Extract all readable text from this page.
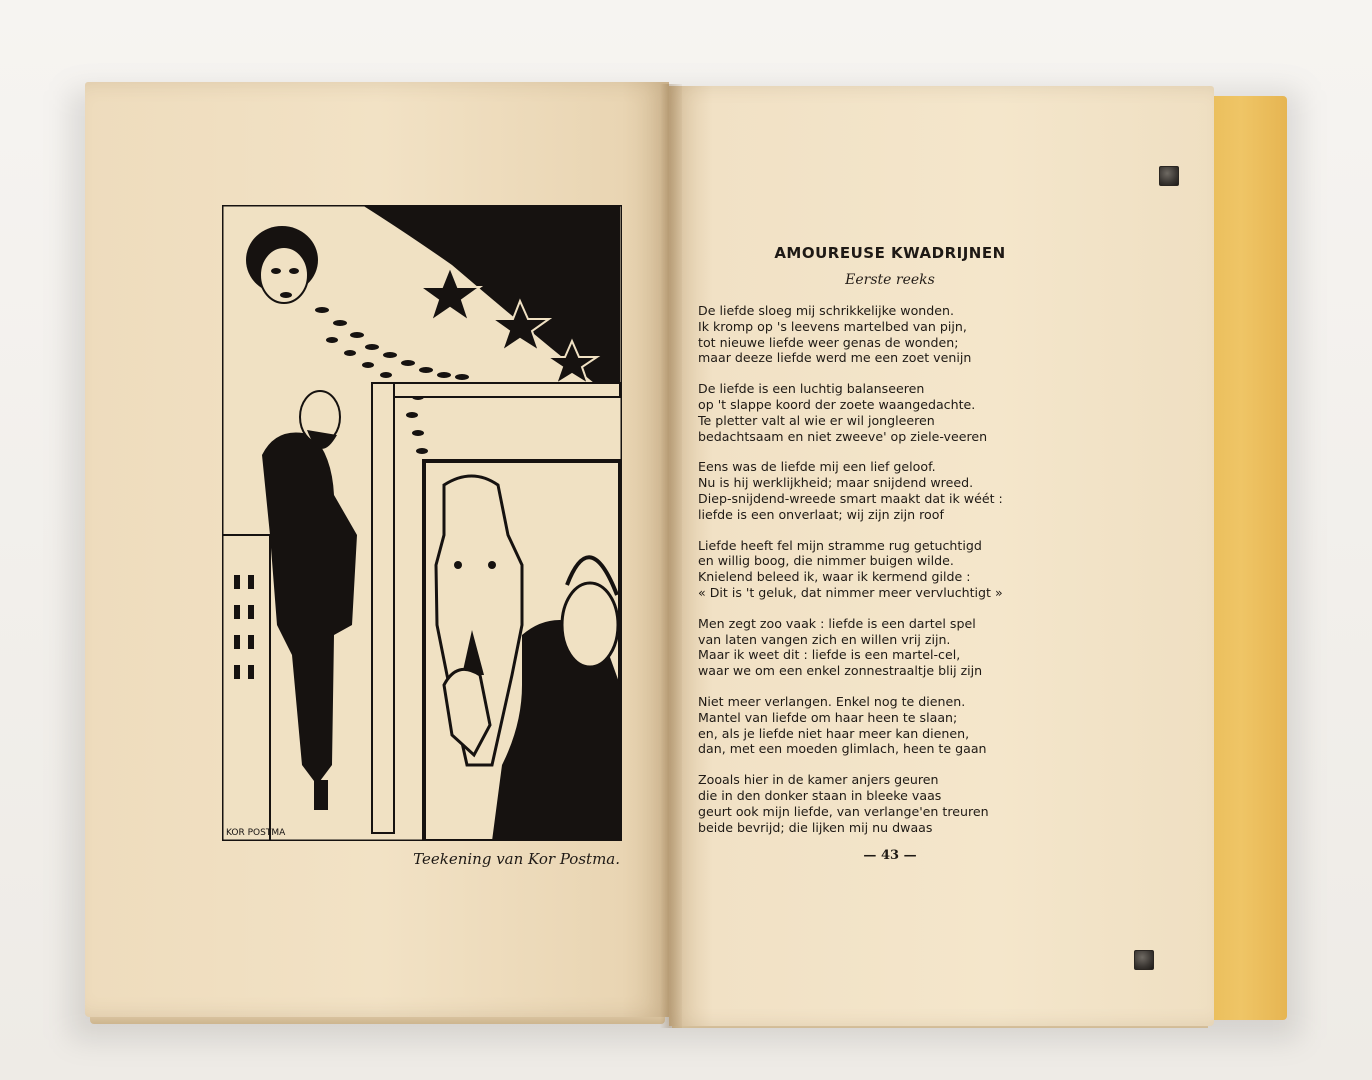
KOR POSTMA
Teekening van Kor Postma.
AMOUREUSE KWADRIJNEN
Eerste reeks
De liefde sloeg mij schrikkelijke wonden.
Ik kromp op 's leevens martelbed van pijn,
tot nieuwe liefde weer genas de wonden;
maar deeze liefde werd me een zoet venijn
De liefde is een luchtig balanseeren
op 't slappe koord der zoete waangedachte.
Te pletter valt al wie er wil jongleeren
bedachtsaam en niet zweeve' op ziele-veeren
Eens was de liefde mij een lief geloof.
Nu is hij werklijkheid; maar snijdend wreed.
Diep-snijdend-wreede smart maakt dat ik wéét :
liefde is een onverlaat; wij zijn zijn roof
Liefde heeft fel mijn stramme rug getuchtigd
en willig boog, die nimmer buigen wilde.
Knielend beleed ik, waar ik kermend gilde :
« Dit is 't geluk, dat nimmer meer vervluchtigt »
Men zegt zoo vaak : liefde is een dartel spel
van laten vangen zich en willen vrij zijn.
Maar ik weet dit : liefde is een martel-cel,
waar we om een enkel zonnestraaltje blij zijn
Niet meer verlangen. Enkel nog te dienen.
Mantel van liefde om haar heen te slaan;
en, als je liefde niet haar meer kan dienen,
dan, met een moeden glimlach, heen te gaan
Zooals hier in de kamer anjers geuren
die in den donker staan in bleeke vaas
geurt ook mijn liefde, van verlange'en treuren
beide bevrijd; die lijken mij nu dwaas
— 43 —
